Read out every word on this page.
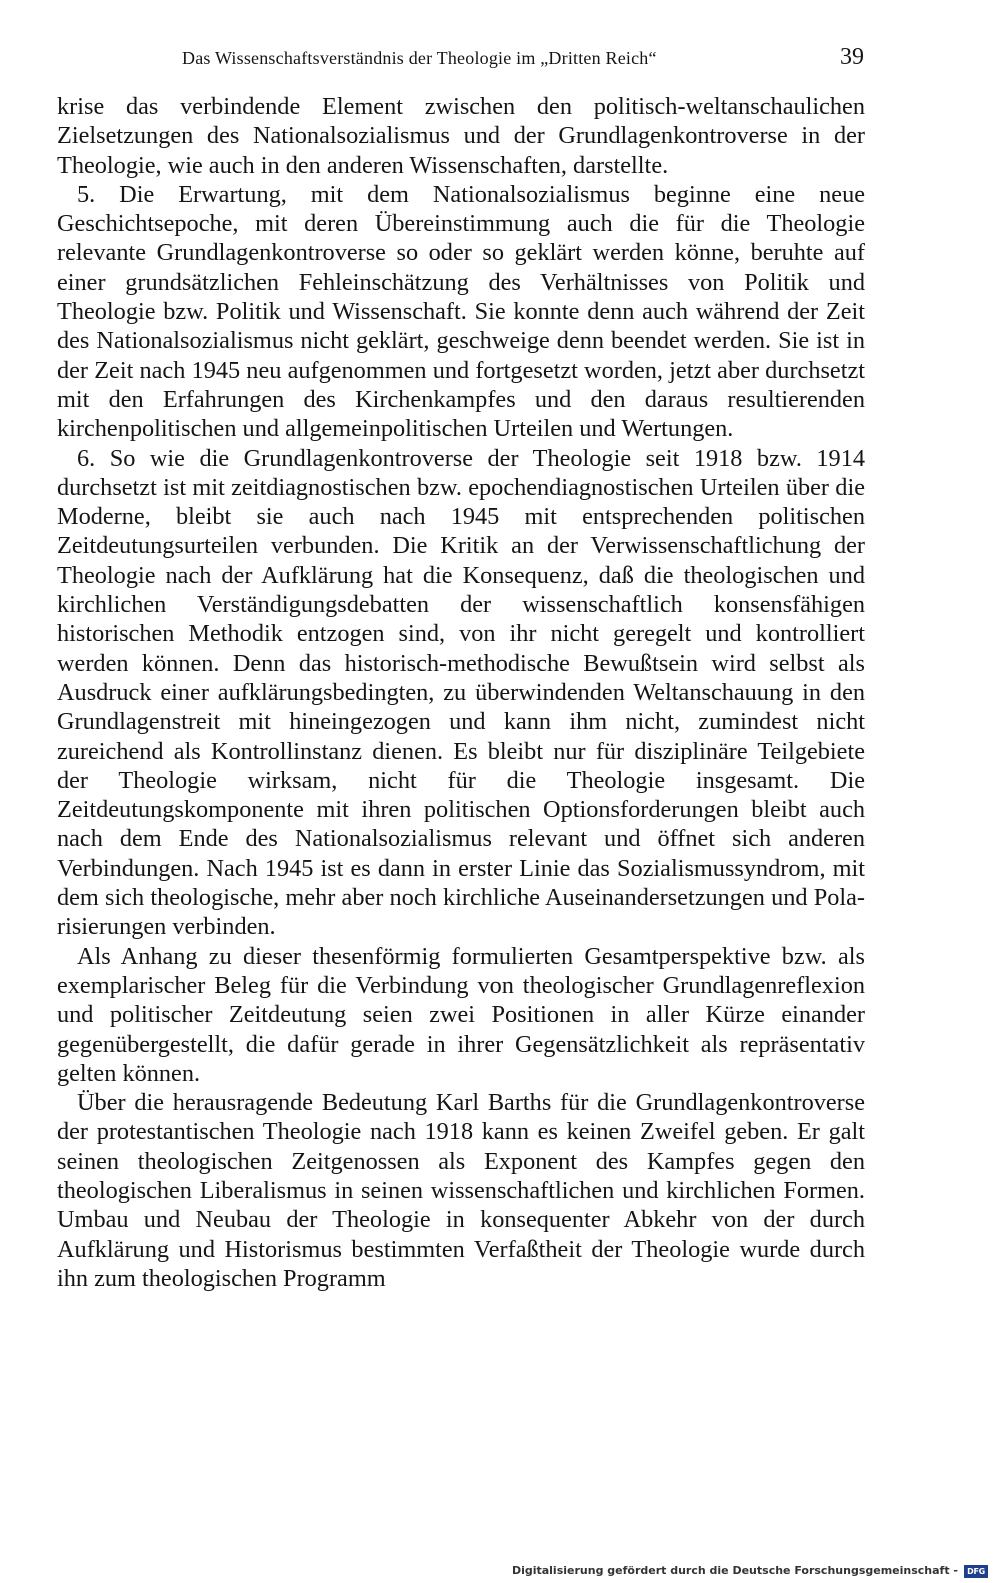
Das Wissenschaftsverständnis der Theologie im „Dritten Reich“	39

krise das verbindende Element zwischen den politisch-weltanschaulichen Zielsetzungen des Nationalsozialismus und der Grundlagenkontroverse in der Theologie, wie auch in den anderen Wissenschaften, darstellte.

5. Die Erwartung, mit dem Nationalsozialismus beginne eine neue Geschichtsepoche, mit deren Übereinstimmung auch die für die Theologie relevante Grundlagenkontroverse so oder so geklärt werden könne, beruhte auf einer grundsätzlichen Fehleinschätzung des Verhältnisses von Politik und Theologie bzw. Politik und Wissenschaft. Sie konnte denn auch während der Zeit des Nationalsozialismus nicht geklärt, geschweige denn beendet werden. Sie ist in der Zeit nach 1945 neu aufgenommen und fortgesetzt worden, jetzt aber durchsetzt mit den Erfahrungen des Kirchenkampfes und den daraus resultierenden kirchenpolitischen und allgemeinpolitischen Urteilen und Wertungen.

6. So wie die Grundlagenkontroverse der Theologie seit 1918 bzw. 1914 durchsetzt ist mit zeitdiagnostischen bzw. epochendiagnostischen Urteilen über die Moderne, bleibt sie auch nach 1945 mit entsprechenden politischen Zeitdeutungsurteilen verbunden. Die Kritik an der Verwissenschaftlichung der Theologie nach der Aufklärung hat die Konsequenz, daß die theologischen und kirchlichen Verständigungsdebatten der wissenschaftlich konsensfähigen historischen Methodik entzogen sind, von ihr nicht geregelt und kontrolliert werden können. Denn das historisch-methodische Bewußtsein wird selbst als Ausdruck einer aufklärungsbedingten, zu überwindenden Weltanschauung in den Grundlagenstreit mit hineingezogen und kann ihm nicht, zumindest nicht zureichend als Kontrollinstanz dienen. Es bleibt nur für disziplinäre Teilgebiete der Theologie wirksam, nicht für die Theologie insgesamt. Die Zeitdeutungskomponente mit ihren politischen Optionsforderungen bleibt auch nach dem Ende des Nationalsozialismus relevant und öffnet sich anderen Verbindungen. Nach 1945 ist es dann in erster Linie das Sozialismussyndrom, mit dem sich theologische, mehr aber noch kirchliche Auseinandersetzungen und Polarisierungen verbinden.

Als Anhang zu dieser thesenförmig formulierten Gesamtperspektive bzw. als exemplarischer Beleg für die Verbindung von theologischer Grundlagenreflexion und politischer Zeitdeutung seien zwei Positionen in aller Kürze einander gegenübergestellt, die dafür gerade in ihrer Gegensätzlichkeit als repräsentativ gelten können.

Über die herausragende Bedeutung Karl Barths für die Grundlagenkontroverse der protestantischen Theologie nach 1918 kann es keinen Zweifel geben. Er galt seinen theologischen Zeitgenossen als Exponent des Kampfes gegen den theologischen Liberalismus in seinen wissenschaftlichen und kirchlichen Formen. Umbau und Neubau der Theologie in konsequenter Abkehr von der durch Aufklärung und Historismus bestimmten Verfaßtheit der Theologie wurde durch ihn zum theologischen Programm

Digitalisierung gefördert durch die Deutsche Forschungsgemeinschaft -	DFG
